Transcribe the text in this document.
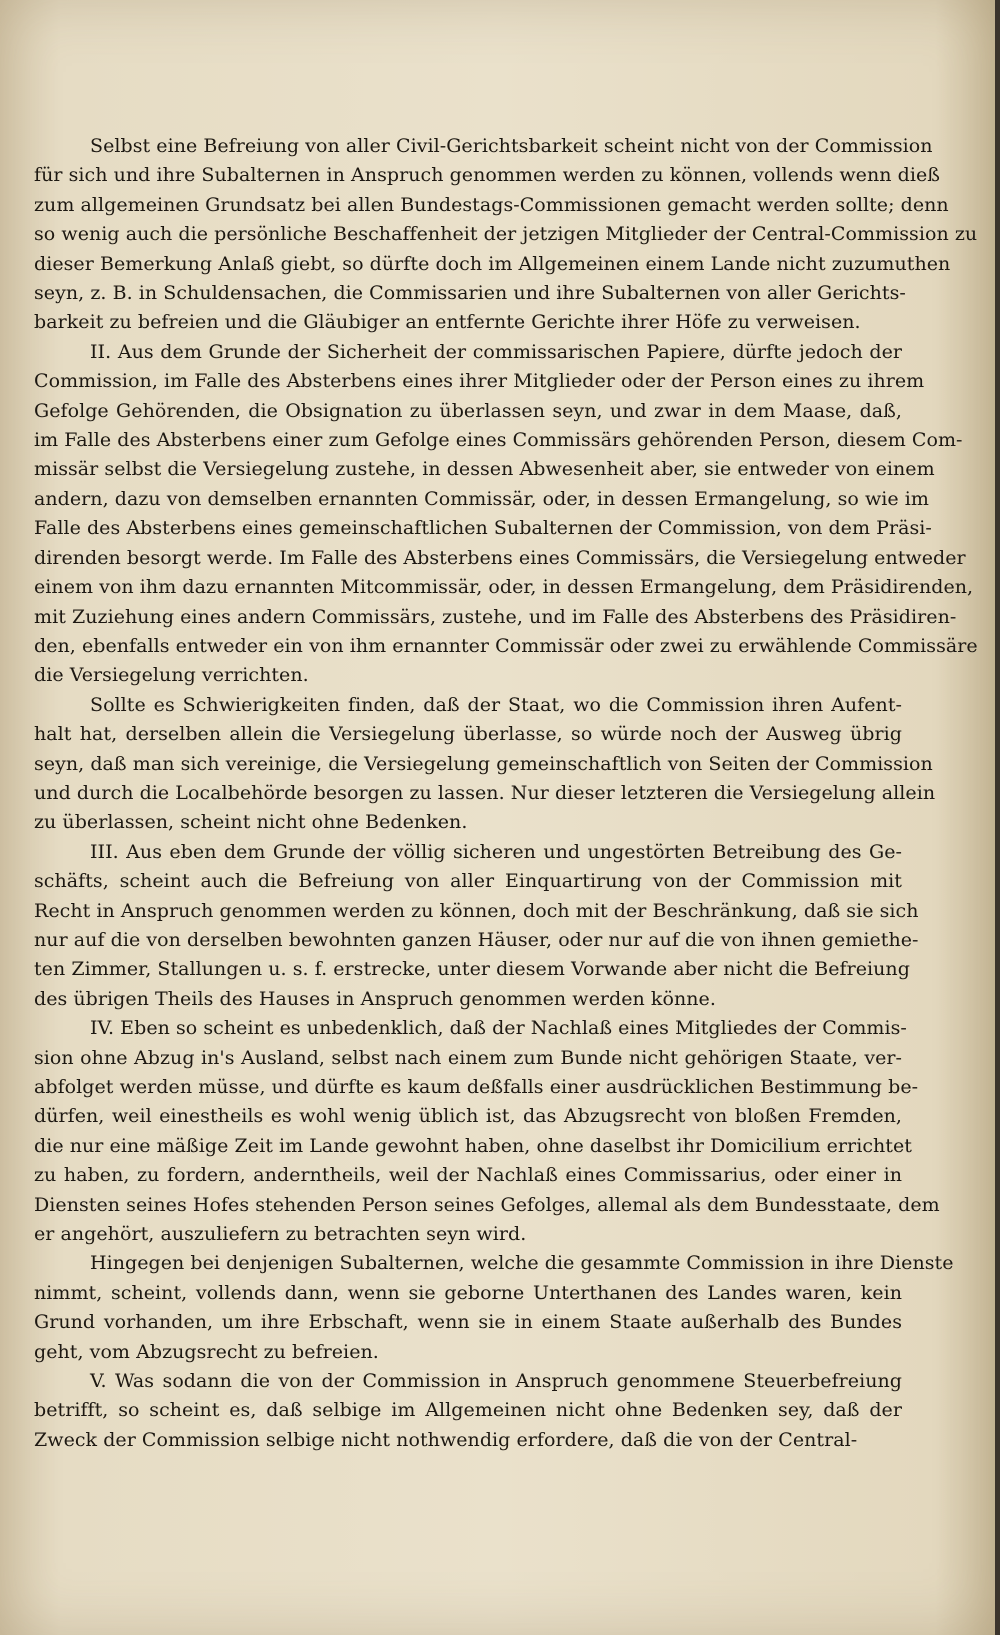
Selbst eine Befreiung von aller Civil-Gerichtsbarkeit scheint nicht von der Commission
für sich und ihre Subalternen in Anspruch genommen werden zu können, vollends wenn dieß
zum allgemeinen Grundsatz bei allen Bundestags-Commissionen gemacht werden sollte; denn
so wenig auch die persönliche Beschaffenheit der jetzigen Mitglieder der Central-Commission zu
dieser Bemerkung Anlaß giebt, so dürfte doch im Allgemeinen einem Lande nicht zuzumuthen
seyn, z. B. in Schuldensachen, die Commissarien und ihre Subalternen von aller Gerichts-
barkeit zu befreien und die Gläubiger an entfernte Gerichte ihrer Höfe zu verweisen.
II. Aus dem Grunde der Sicherheit der commissarischen Papiere, dürfte jedoch der
Commission, im Falle des Absterbens eines ihrer Mitglieder oder der Person eines zu ihrem
Gefolge Gehörenden, die Obsignation zu überlassen seyn, und zwar in dem Maase, daß,
im Falle des Absterbens einer zum Gefolge eines Commissärs gehörenden Person, diesem Com-
missär selbst die Versiegelung zustehe, in dessen Abwesenheit aber, sie entweder von einem
andern, dazu von demselben ernannten Commissär, oder, in dessen Ermangelung, so wie im
Falle des Absterbens eines gemeinschaftlichen Subalternen der Commission, von dem Präsi-
direnden besorgt werde. Im Falle des Absterbens eines Commissärs, die Versiegelung entweder
einem von ihm dazu ernannten Mitcommissär, oder, in dessen Ermangelung, dem Präsidirenden,
mit Zuziehung eines andern Commissärs, zustehe, und im Falle des Absterbens des Präsidiren-
den, ebenfalls entweder ein von ihm ernannter Commissär oder zwei zu erwählende Commissäre
die Versiegelung verrichten.
Sollte es Schwierigkeiten finden, daß der Staat, wo die Commission ihren Aufent-
halt hat, derselben allein die Versiegelung überlasse, so würde noch der Ausweg übrig
seyn, daß man sich vereinige, die Versiegelung gemeinschaftlich von Seiten der Commission
und durch die Localbehörde besorgen zu lassen. Nur dieser letzteren die Versiegelung allein
zu überlassen, scheint nicht ohne Bedenken.
III. Aus eben dem Grunde der völlig sicheren und ungestörten Betreibung des Ge-
schäfts, scheint auch die Befreiung von aller Einquartirung von der Commission mit
Recht in Anspruch genommen werden zu können, doch mit der Beschränkung, daß sie sich
nur auf die von derselben bewohnten ganzen Häuser, oder nur auf die von ihnen gemiethe-
ten Zimmer, Stallungen u. s. f. erstrecke, unter diesem Vorwande aber nicht die Befreiung
des übrigen Theils des Hauses in Anspruch genommen werden könne.
IV. Eben so scheint es unbedenklich, daß der Nachlaß eines Mitgliedes der Commis-
sion ohne Abzug in's Ausland, selbst nach einem zum Bunde nicht gehörigen Staate, ver-
abfolget werden müsse, und dürfte es kaum deßfalls einer ausdrücklichen Bestimmung be-
dürfen, weil einestheils es wohl wenig üblich ist, das Abzugsrecht von bloßen Fremden,
die nur eine mäßige Zeit im Lande gewohnt haben, ohne daselbst ihr Domicilium errichtet
zu haben, zu fordern, anderntheils, weil der Nachlaß eines Commissarius, oder einer in
Diensten seines Hofes stehenden Person seines Gefolges, allemal als dem Bundesstaate, dem
er angehört, auszuliefern zu betrachten seyn wird.
Hingegen bei denjenigen Subalternen, welche die gesammte Commission in ihre Dienste
nimmt, scheint, vollends dann, wenn sie geborne Unterthanen des Landes waren, kein
Grund vorhanden, um ihre Erbschaft, wenn sie in einem Staate außerhalb des Bundes
geht, vom Abzugsrecht zu befreien.
V. Was sodann die von der Commission in Anspruch genommene Steuerbefreiung
betrifft, so scheint es, daß selbige im Allgemeinen nicht ohne Bedenken sey, daß der
Zweck der Commission selbige nicht nothwendig erfordere, daß die von der Central-
